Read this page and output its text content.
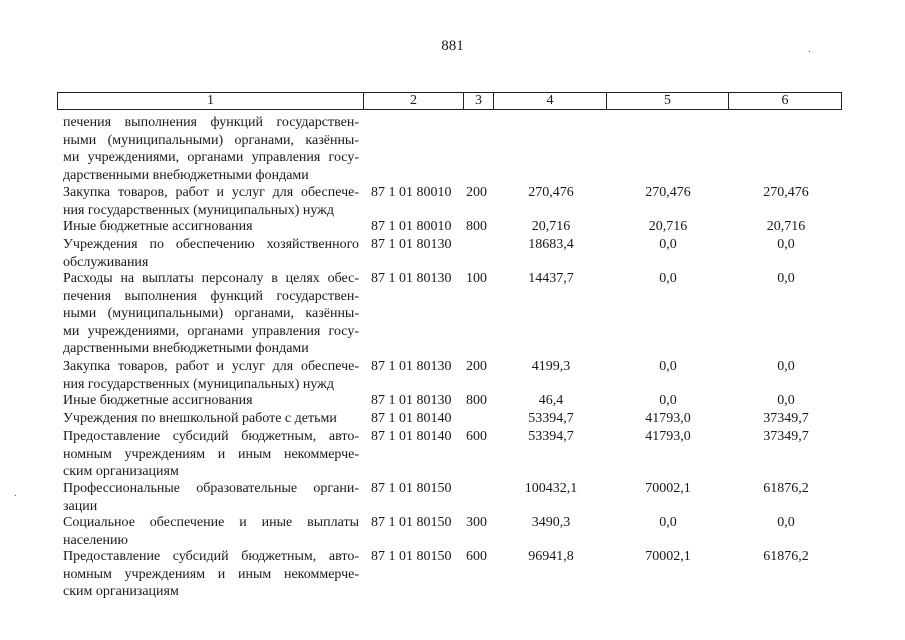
881
1	2	3	4	5	6
печения выполнения функций государствен-
ными (муниципальными) органами, казённы-
ми учреждениями, органами управления госу-
дарственными внебюджетными фондами
Закупка товаров, работ и услуг для обеспече-
ния государственных (муниципальных) нужд
87 1 01 80010 200	270,476	270,476	270,476
Иные бюджетные ассигнования	87 1 01 80010 800	20,716	20,716	20,716
Учреждения по обеспечению хозяйственного
обслуживания
87 1 01 80130	18683,4	0,0	0,0
Расходы на выплаты персоналу в целях обес-
печения выполнения функций государствен-
ными (муниципальными) органами, казённы-
ми учреждениями, органами управления госу-
дарственными внебюджетными фондами
87 1 01 80130 100	14437,7	0,0	0,0
Закупка товаров, работ и услуг для обеспече-
ния государственных (муниципальных) нужд
87 1 01 80130 200	4199,3	0,0	0,0
Иные бюджетные ассигнования	87 1 01 80130 800	46,4	0,0	0,0
Учреждения по внешкольной работе с детьми	87 1 01 80140	53394,7	41793,0	37349,7
Предоставление субсидий бюджетным, авто-
номным учреждениям и иным некоммерче-
ским организациям
87 1 01 80140 600	53394,7	41793,0	37349,7
Профессиональные образовательные органи-
зации
87 1 01 80150	100432,1	70002,1	61876,2
Социальное обеспечение и иные выплаты
населению
87 1 01 80150 300	3490,3	0,0	0,0
Предоставление субсидий бюджетным, авто-
номным учреждениям и иным некоммерче-
ским организациям
87 1 01 80150 600	96941,8	70002,1	61876,2
.
.
